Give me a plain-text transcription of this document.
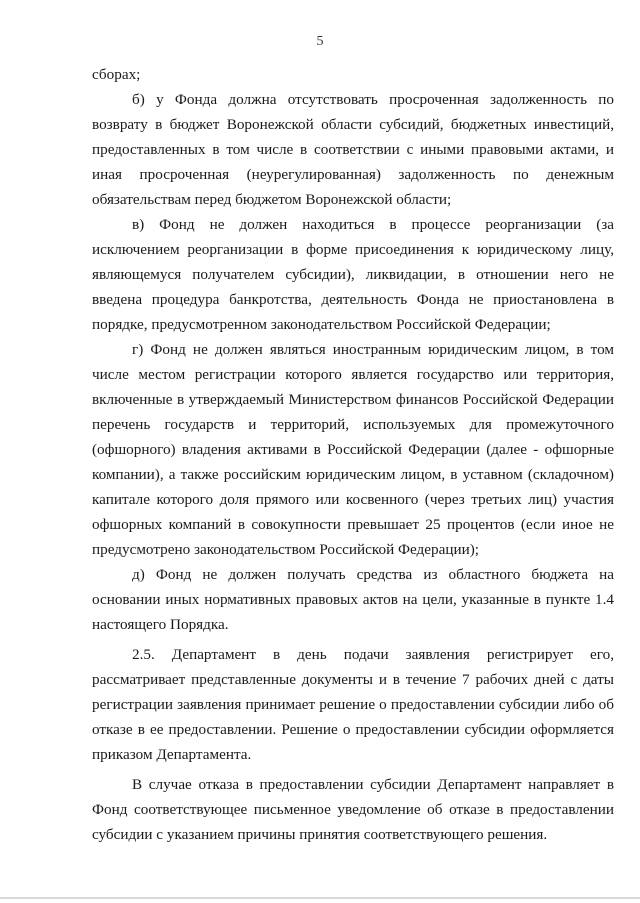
5

сборах;

б) у Фонда должна отсутствовать просроченная задолженность по возврату в бюджет Воронежской области субсидий, бюджетных инвестиций, предоставленных в том числе в соответствии с иными правовыми актами, и иная просроченная (неурегулированная) задолженность по денежным обязательствам перед бюджетом Воронежской области;

в) Фонд не должен находиться в процессе реорганизации (за исключением реорганизации в форме присоединения к юридическому лицу, являющемуся получателем субсидии), ликвидации, в отношении него не введена процедура банкротства, деятельность Фонда не приостановлена в порядке, предусмотренном законодательством Российской Федерации;

г) Фонд не должен являться иностранным юридическим лицом, в том числе местом регистрации которого является государство или территория, включенные в утверждаемый Министерством финансов Российской Федерации перечень государств и территорий, используемых для промежуточного (офшорного) владения активами в Российской Федерации (далее - офшорные компании), а также российским юридическим лицом, в уставном (складочном) капитале которого доля прямого или косвенного (через третьих лиц) участия офшорных компаний в совокупности превышает 25 процентов (если иное не предусмотрено законодательством Российской Федерации);

д) Фонд не должен получать средства из областного бюджета на основании иных нормативных правовых актов на цели, указанные в пункте 1.4 настоящего Порядка.

2.5. Департамент в день подачи заявления регистрирует его, рассматривает представленные документы и в течение 7 рабочих дней с даты регистрации заявления принимает решение о предоставлении субсидии либо об отказе в ее предоставлении. Решение о предоставлении субсидии оформляется приказом Департамента.

В случае отказа в предоставлении субсидии Департамент направляет в Фонд соответствующее письменное уведомление об отказе в предоставлении субсидии с указанием причины принятия соответствующего решения.
